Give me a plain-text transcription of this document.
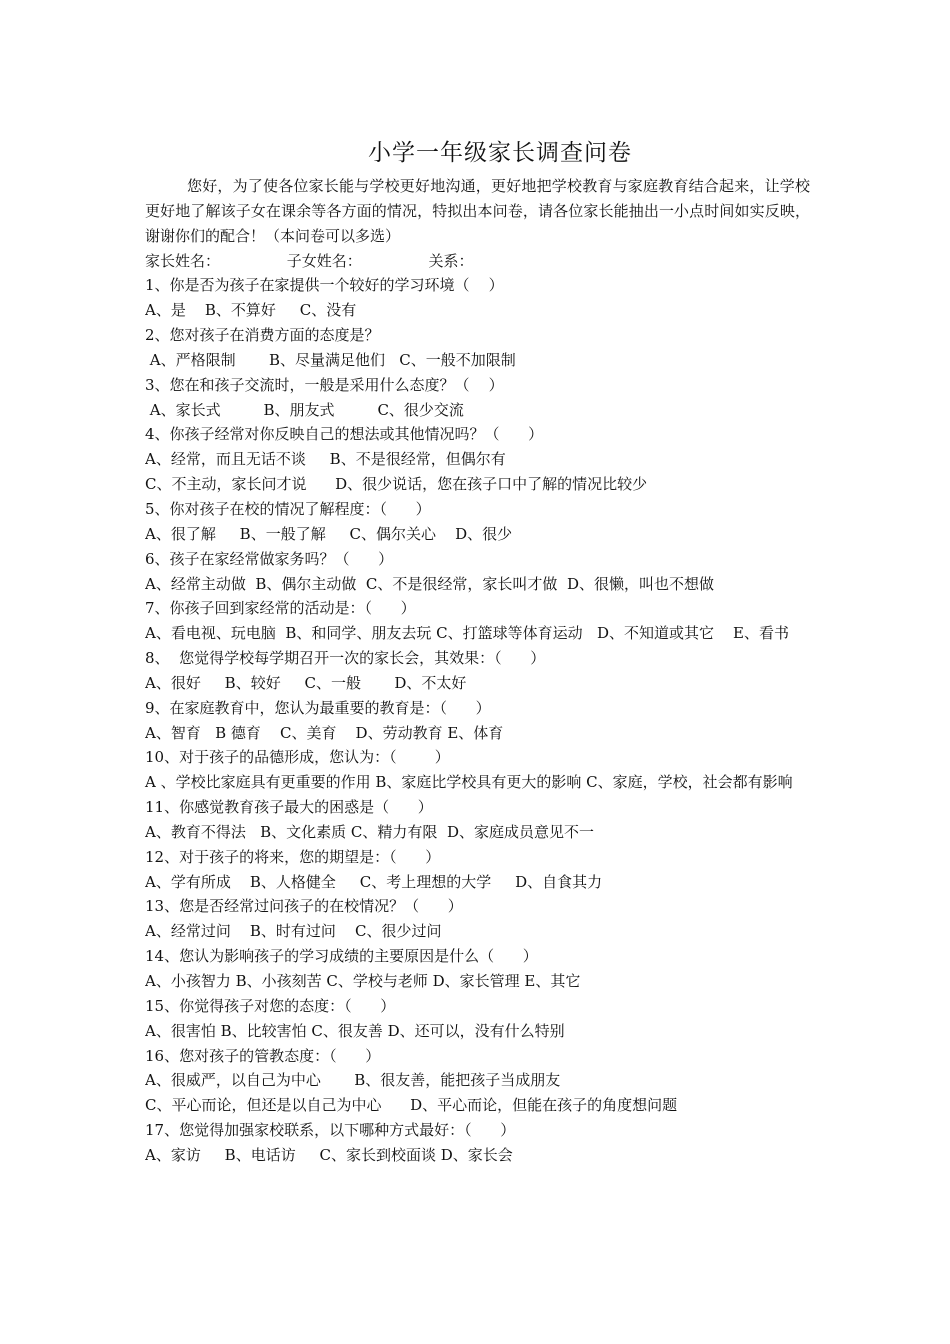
小学一年级家长调查问卷

您好，为了使各位家长能与学校更好地沟通，更好地把学校教育与家庭教育结合起来，让学校更好地了解该子女在课余等各方面的情况，特拟出本问卷，请各位家长能抽出一小点时间如实反映，谢谢你们的配合！（本问卷可以多选）

家长姓名：              子女姓名：              关系：

1、你是否为孩子在家提供一个较好的学习环境（    ）

A、是    B、不算好     C、没有

2、您对孩子在消费方面的态度是？

A、严格限制       B、尽量满足他们   C、一般不加限制

3、您在和孩子交流时，一般是采用什么态度？（    ）

A、家长式         B、朋友式         C、很少交流

4、你孩子经常对你反映自己的想法或其他情况吗？（      ）

A、经常，而且无话不谈     B、不是很经常，但偶尔有

C、不主动，家长问才说      D、很少说话，您在孩子口中了解的情况比较少

5、你对孩子在校的情况了解程度：（      ）

A、很了解     B、一般了解     C、偶尔关心    D、很少

6、孩子在家经常做家务吗？（      ）

A、经常主动做  B、偶尔主动做  C、不是很经常，家长叫才做  D、很懒，叫也不想做

7、你孩子回到家经常的活动是：（      ）

A、看电视、玩电脑  B、和同学、朋友去玩 C、打篮球等体育运动   D、不知道或其它    E、看书

8、  您觉得学校每学期召开一次的家长会，其效果：（      ）

A、很好     B、较好     C、一般       D、不太好

9、在家庭教育中，您认为最重要的教育是：（      ）

A、智育   B 德育    C、美育    D、劳动教育 E、体育

10、对于孩子的品德形成，您认为：（        ）

A 、学校比家庭具有更重要的作用 B、家庭比学校具有更大的影响 C、家庭，学校，社会都有影响

11、你感觉教育孩子最大的困惑是（      ）

A、教育不得法   B、文化素质 C、精力有限  D、家庭成员意见不一

12、对于孩子的将来，您的期望是：（      ）

A、学有所成    B、人格健全     C、考上理想的大学     D、自食其力

13、您是否经常过问孩子的在校情况？（      ）

A、经常过问    B、时有过问    C、很少过问

14、您认为影响孩子的学习成绩的主要原因是什么（      ）

A、小孩智力 B、小孩刻苦 C、学校与老师 D、家长管理 E、其它

15、你觉得孩子对您的态度：（      ）

A、很害怕 B、比较害怕 C、很友善 D、还可以，没有什么特别

16、您对孩子的管教态度：（      ）

A、很威严，以自己为中心       B、很友善，能把孩子当成朋友

C、平心而论，但还是以自己为中心      D、平心而论，但能在孩子的角度想问题

17、您觉得加强家校联系，以下哪种方式最好：（      ）

A、家访     B、电话访     C、家长到校面谈 D、家长会
